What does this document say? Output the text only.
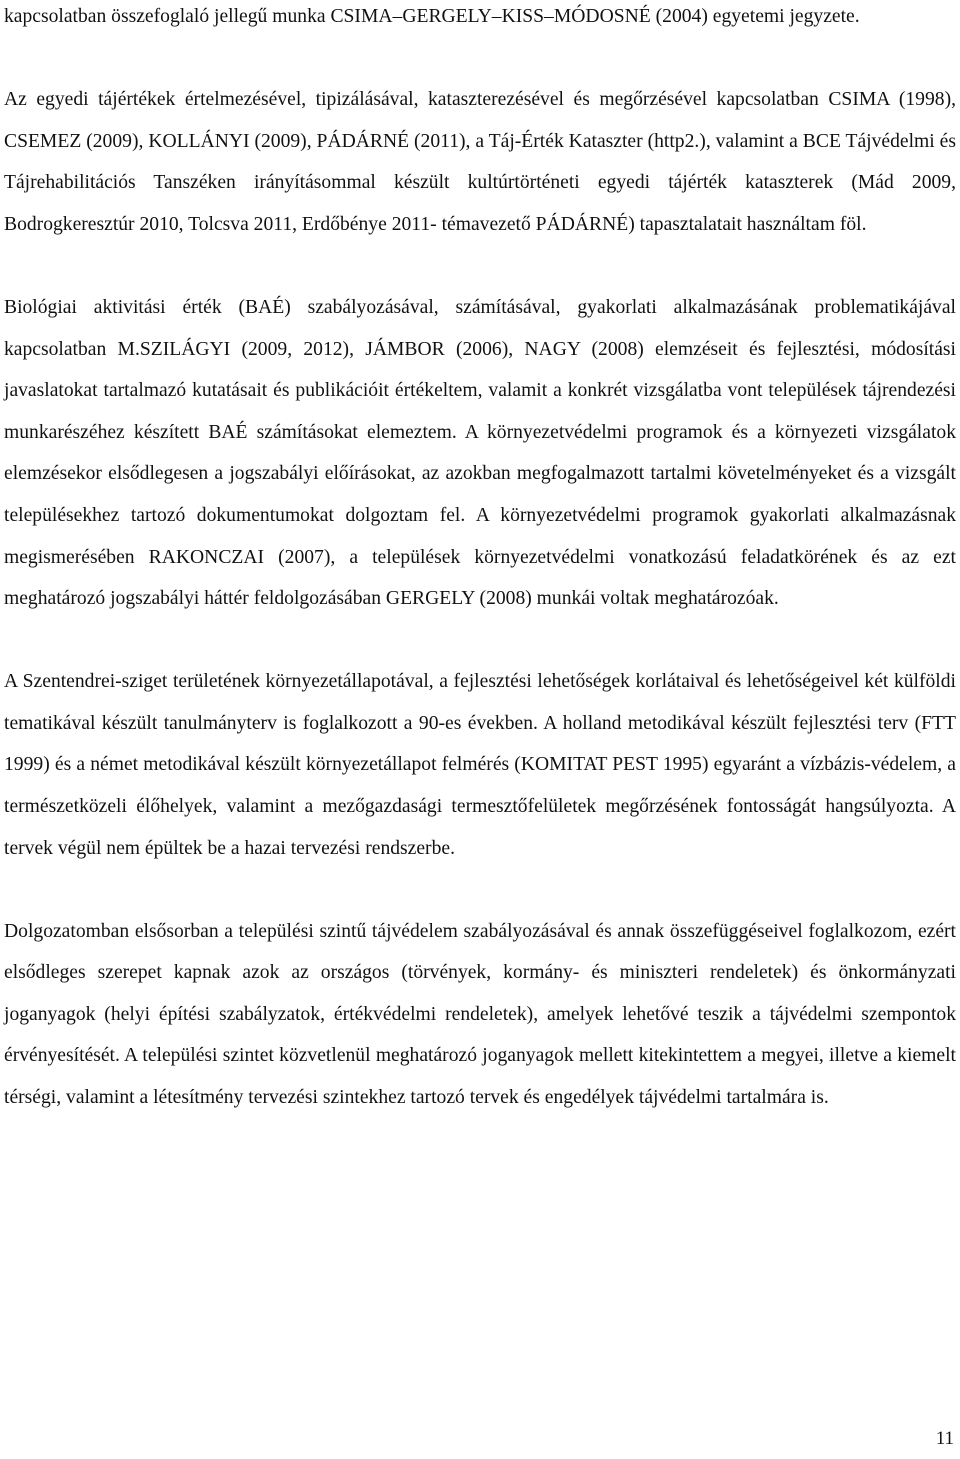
kapcsolatban összefoglaló jellegű munka CSIMA–GERGELY–KISS–MÓDOSNÉ (2004) egyetemi jegyzete.

Az egyedi tájértékek értelmezésével, tipizálásával, kataszterezésével és megőrzésével kapcsolatban CSIMA (1998), CSEMEZ (2009), KOLLÁNYI (2009), PÁDÁRNÉ (2011), a Táj-Érték Kataszter (http2.), valamint a BCE Tájvédelmi és Tájrehabilitációs Tanszéken irányításommal készült kultúrtörténeti egyedi tájérték kataszterek (Mád 2009, Bodrogkeresztúr 2010, Tolcsva 2011, Erdőbénye 2011- témavezető PÁDÁRNÉ) tapasztalatait használtam föl.

Biológiai aktivitási érték (BAÉ) szabályozásával, számításával, gyakorlati alkalmazásának problematikájával kapcsolatban M.SZILÁGYI (2009, 2012), JÁMBOR (2006), NAGY (2008) elemzéseit és fejlesztési, módosítási javaslatokat tartalmazó kutatásait és publikációit értékeltem, valamit a konkrét vizsgálatba vont települések tájrendezési munkarészéhez készített BAÉ számításokat elemeztem. A környezetvédelmi programok és a környezeti vizsgálatok elemzésekor elsődlegesen a jogszabályi előírásokat, az azokban megfogalmazott tartalmi követelményeket és a vizsgált településekhez tartozó dokumentumokat dolgoztam fel. A környezetvédelmi programok gyakorlati alkalmazásnak megismerésében RAKONCZAI (2007), a települések környezetvédelmi vonatkozású feladatkörének és az ezt meghatározó jogszabályi háttér feldolgozásában GERGELY (2008) munkái voltak meghatározóak.

A Szentendrei-sziget területének környezetállapotával, a fejlesztési lehetőségek korlátaival és lehetőségeivel két külföldi tematikával készült tanulmányterv is foglalkozott a 90-es években. A holland metodikával készült fejlesztési terv (FTT 1999) és a német metodikával készült környezetállapot felmérés (KOMITAT PEST 1995) egyaránt a vízbázis-védelem, a természetközeli élőhelyek, valamint a mezőgazdasági termesztőfelületek megőrzésének fontosságát hangsúlyozta. A tervek végül nem épültek be a hazai tervezési rendszerbe.

Dolgozatomban elsősorban a települési szintű tájvédelem szabályozásával és annak összefüggéseivel foglalkozom, ezért elsődleges szerepet kapnak azok az országos (törvények, kormány- és miniszteri rendeletek) és önkormányzati joganyagok (helyi építési szabályzatok, értékvédelmi rendeletek), amelyek lehetővé teszik a tájvédelmi szempontok érvényesítését. A települési szintet közvetlenül meghatározó joganyagok mellett kitekintettem a megyei, illetve a kiemelt térségi, valamint a létesítmény tervezési szintekhez tartozó tervek és engedélyek tájvédelmi tartalmára is.

11
